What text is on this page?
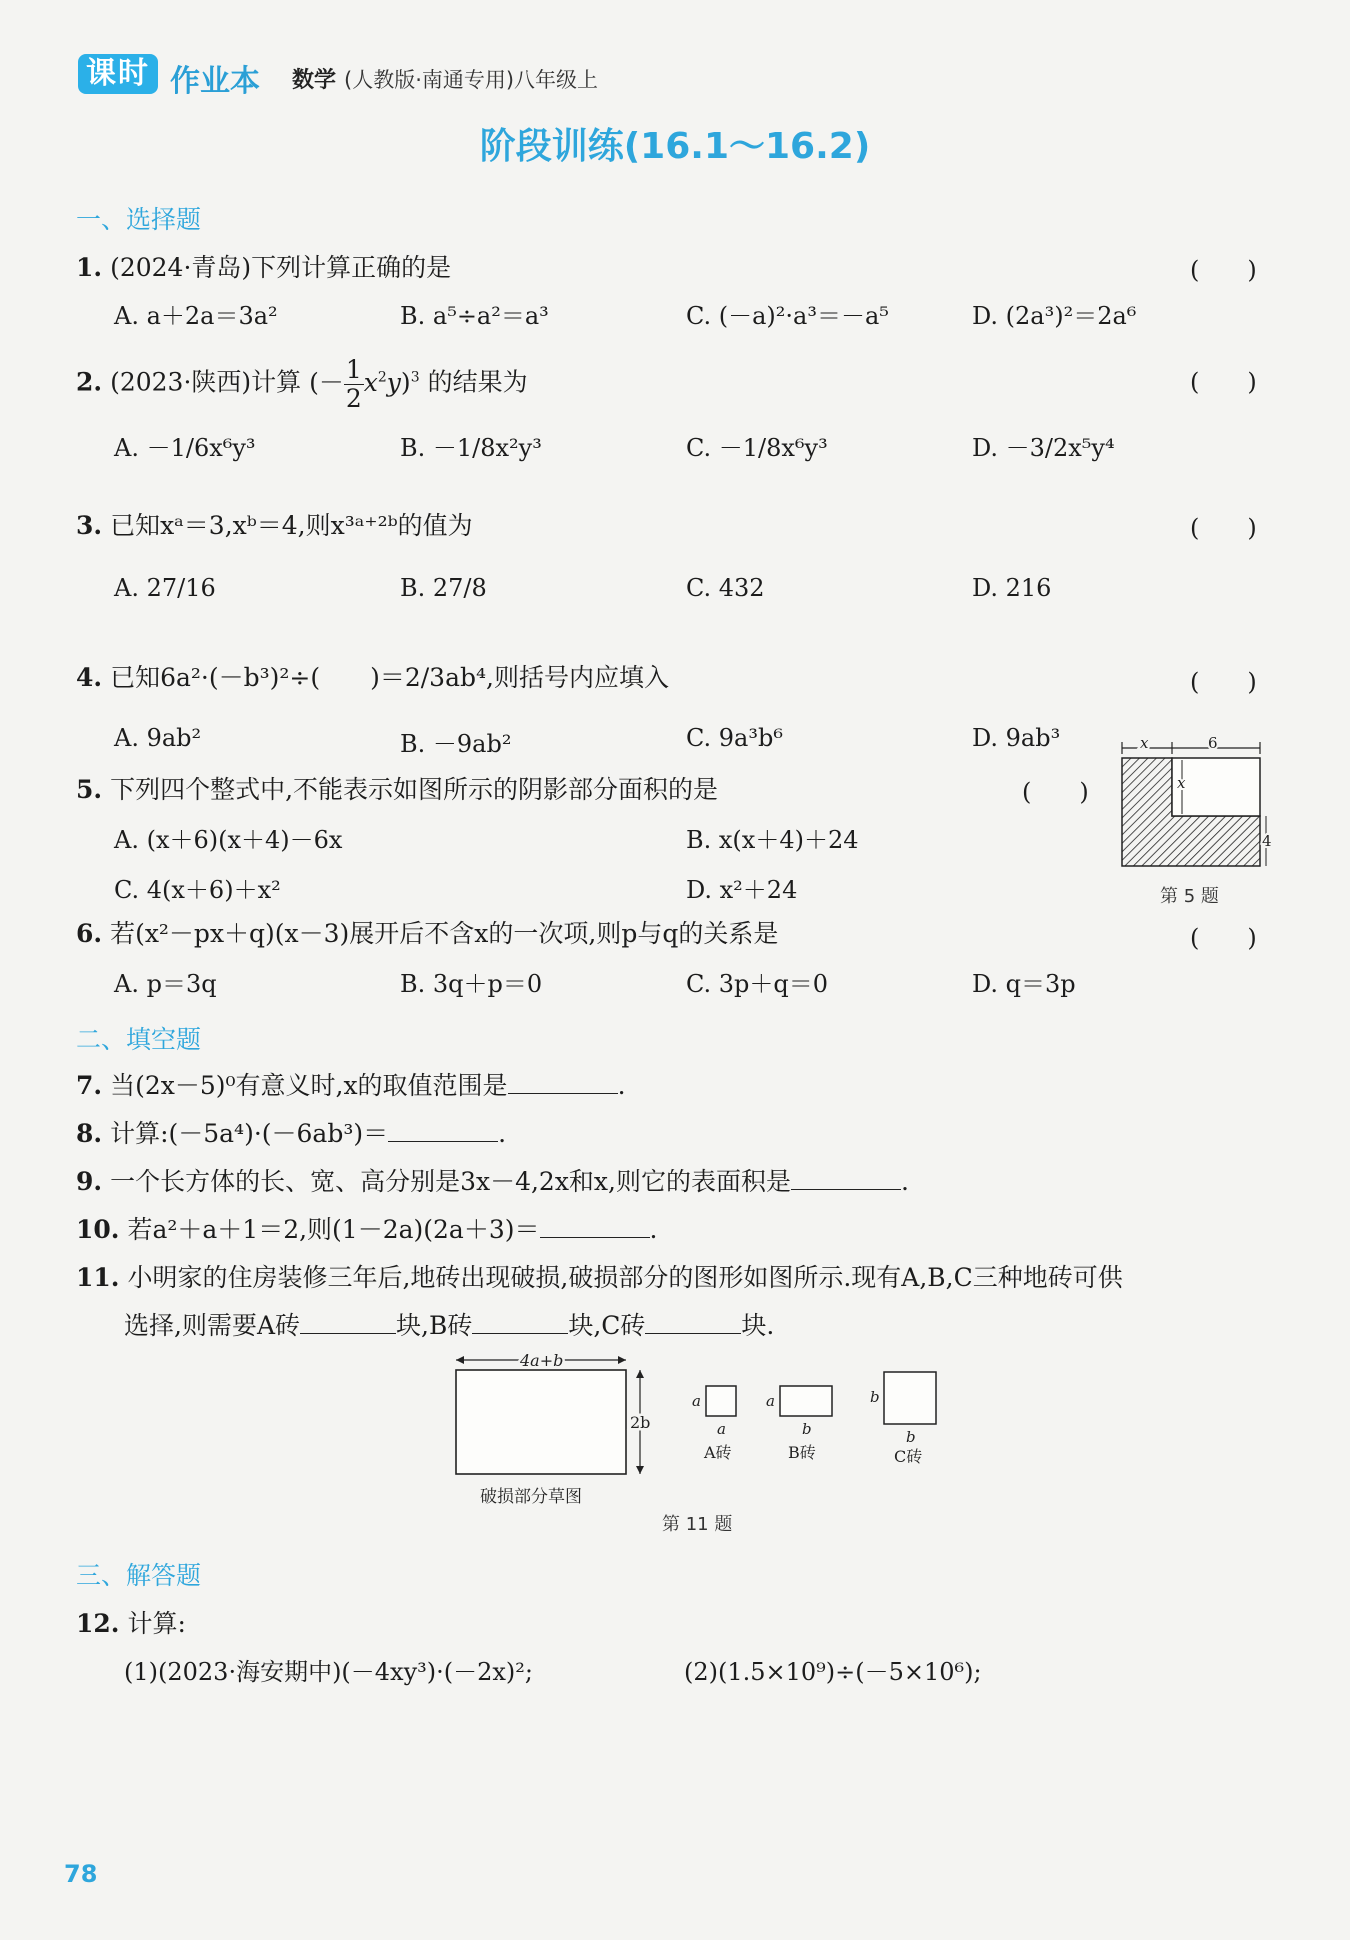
课时 作业本 数学 (人教版·南通专用)八年级上
阶段训练(16.1～16.2)
一、选择题
1. (2024·青岛)下列计算正确的是	(　　)
A. a＋2a＝3a²	B. a⁵÷a²＝a³	C. (－a)²·a³＝－a⁵	D. (2a³)²＝2a⁶
2. (2023·陕西)计算 (－ $\frac{1}{2} x^2y)^3$ 的结果为	(　　)
A. －1/6x⁶y³	B. －1/8x²y³	C. －1/8x⁶y³	D. －3/2x⁵y⁴
3. 已知xᵃ＝3,xᵇ＝4,则x³ᵃ⁺²ᵇ的值为	(　　)
A. 27/16	B. 27/8	C. 432	D. 216
4. 已知6a²·(－b³)²÷(　　)＝2/3ab⁴,则括号内应填入	(　　)
A. 9ab²	B. －9ab²	C. 9a³b⁶	D. 9ab³
5. 下列四个整式中,不能表示如图所示的阴影部分面积的是	(　　)
A. (x＋6)(x＋4)－6x	B. x(x＋4)＋24
C. 4(x＋6)＋x²	D. x²＋24
x	6
x
4
第 5 题
6. 若(x²－px＋q)(x－3)展开后不含x的一次项,则p与q的关系是	(　　)
A. p＝3q	B. 3q＋p＝0	C. 3p＋q＝0	D. q＝3p
二、填空题
7. 当(2x－5)⁰有意义时,x的取值范围是	.
8. 计算:(－5a⁴)·(－6ab³)＝	.
9. 一个长方体的长、宽、高分别是3x－4,2x和x,则它的表面积是	.
10. 若a²＋a＋1＝2,则(1－2a)(2a＋3)＝	.
11. 小明家的住房装修三年后,地砖出现破损,破损部分的图形如图所示.现有A,B,C三种地砖可供
选择,则需要A砖	块,B砖	块,C砖	块.
4a+b
2b
破损部分草图
a
a
A砖
a
b
B砖
b
b
C砖
第 11 题
三、解答题
12. 计算:
(1)(2023·海安期中)(－4xy³)·(－2x)²;	(2)(1.5×10⁹)÷(－5×10⁶);
78
